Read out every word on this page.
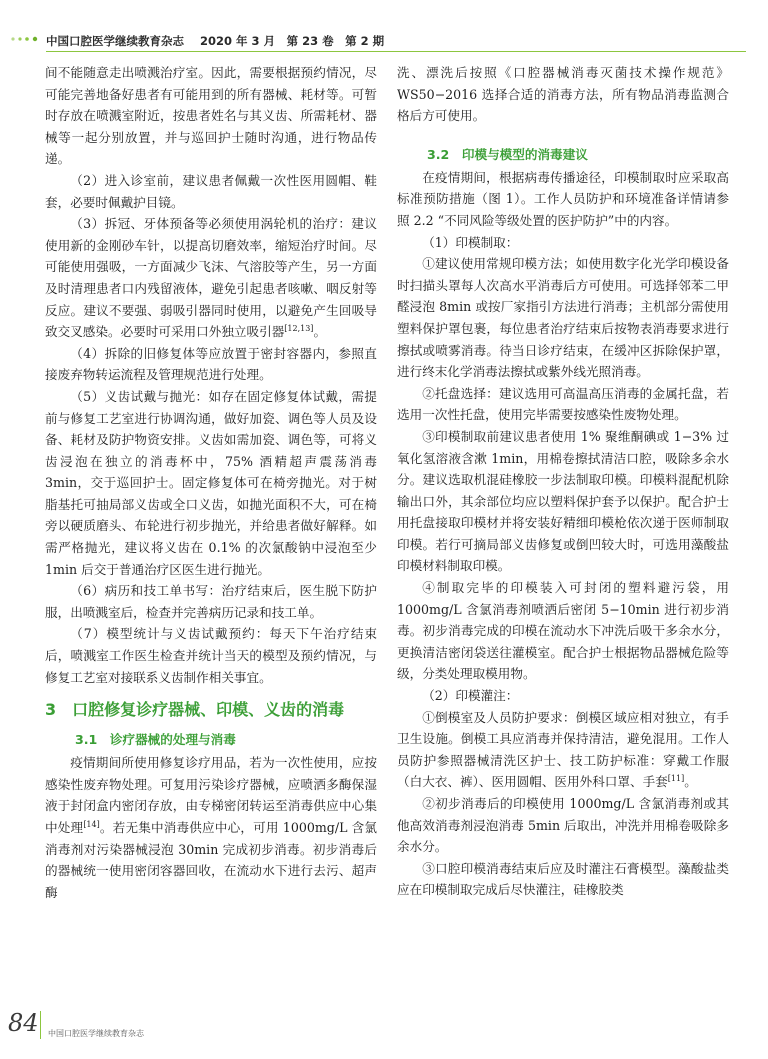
中国口腔医学继续教育杂志 2020 年 3 月　第 23 卷　第 2 期

间不能随意走出喷溅治疗室。因此，需要根据预约情况，尽可能完善地备好患者有可能用到的所有器械、耗材等。可暂时存放在喷溅室附近，按患者姓名与其义齿、所需耗材、器械等一起分别放置，并与巡回护士随时沟通，进行物品传递。

（2）进入诊室前，建议患者佩戴一次性医用圆帽、鞋套，必要时佩戴护目镜。

（3）拆冠、牙体预备等必须使用涡轮机的治疗：建议使用新的金刚砂车针，以提高切磨效率，缩短治疗时间。尽可能使用强吸，一方面减少飞沫、气溶胶等产生，另一方面及时清理患者口内残留液体，避免引起患者咳嗽、咽反射等反应。建议不要强、弱吸引器同时使用，以避免产生回吸导致交叉感染。必要时可采用口外独立吸引器[12,13]。

（4）拆除的旧修复体等应放置于密封容器内，参照直接废弃物转运流程及管理规范进行处理。

（5）义齿试戴与抛光：如存在固定修复体试戴，需提前与修复工艺室进行协调沟通，做好加瓷、调色等人员及设备、耗材及防护物资安排。义齿如需加瓷、调色等，可将义齿浸泡在独立的消毒杯中，75% 酒精超声震荡消毒 3min，交于巡回护士。固定修复体可在椅旁抛光。对于树脂基托可抽局部义齿或全口义齿，如抛光面积不大，可在椅旁以硬质磨头、布轮进行初步抛光，并给患者做好解释。如需严格抛光，建议将义齿在 0.1% 的次氯酸钠中浸泡至少 1min 后交于普通治疗区医生进行抛光。

（6）病历和技工单书写：治疗结束后，医生脱下防护服，出喷溅室后，检查并完善病历记录和技工单。

（7）模型统计与义齿试戴预约：每天下午治疗结束后，喷溅室工作医生检查并统计当天的模型及预约情况，与修复工艺室对接联系义齿制作相关事宜。

3　口腔修复诊疗器械、印模、义齿的消毒
3.1　诊疗器械的处理与消毒

疫情期间所使用修复诊疗用品，若为一次性使用，应按感染性废弃物处理。可复用污染诊疗器械，应喷洒多酶保湿液于封闭盒内密闭存放，由专梯密闭转运至消毒供应中心集中处理[14]。若无集中消毒供应中心，可用 1000mg/L 含氯消毒剂对污染器械浸泡 30min 完成初步消毒。初步消毒后的器械统一使用密闭容器回收，在流动水下进行去污、超声酶

洗、漂洗后按照《口腔器械消毒灭菌技术操作规范》WS50−2016 选择合适的消毒方法，所有物品消毒监测合格后方可使用。

3.2　印模与模型的消毒建议

在疫情期间，根据病毒传播途径，印模制取时应采取高标准预防措施（图 1）。工作人员防护和环境准备详情请参照 2.2 “不同风险等级处置的医护防护”中的内容。

（1）印模制取：

①建议使用常规印模方法；如使用数字化光学印模设备时扫描头罩每人次高水平消毒后方可使用。可选择邻苯二甲醛浸泡 8min 或按厂家指引方法进行消毒；主机部分需使用塑料保护罩包裹，每位患者治疗结束后按物表消毒要求进行擦拭或喷雾消毒。待当日诊疗结束，在缓冲区拆除保护罩，进行终末化学消毒法擦拭或紫外线光照消毒。

②托盘选择：建议选用可高温高压消毒的金属托盘，若选用一次性托盘，使用完毕需要按感染性废物处理。

③印模制取前建议患者使用 1% 聚维酮碘或 1−3% 过氧化氢溶液含漱 1min，用棉卷擦拭清洁口腔，吸除多余水分。建议选取机混硅橡胶一步法制取印模。印模料混配机除输出口外，其余部位均应以塑料保护套予以保护。配合护士用托盘接取印模材并将安装好精细印模枪依次递于医师制取印模。若行可摘局部义齿修复或倒凹较大时，可选用藻酸盐印模材料制取印模。

④制取完毕的印模装入可封闭的塑料避污袋，用 1000mg/L 含氯消毒剂喷洒后密闭 5−10min 进行初步消毒。初步消毒完成的印模在流动水下冲洗后吸干多余水分，更换清洁密闭袋送往灌模室。配合护士根据物品器械危险等级，分类处理取模用物。

（2）印模灌注：

①倒模室及人员防护要求：倒模区域应相对独立，有手卫生设施。倒模工具应消毒并保持清洁，避免混用。工作人员防护参照器械清洗区护士、技工防护标准：穿戴工作服（白大衣、裤）、医用圆帽、医用外科口罩、手套[11]。

②初步消毒后的印模使用 1000mg/L 含氯消毒剂或其他高效消毒剂浸泡消毒 5min 后取出，冲洗并用棉卷吸除多余水分。

③口腔印模消毒结束后应及时灌注石膏模型。藻酸盐类应在印模制取完成后尽快灌注，硅橡胶类

84 中国口腔医学继续教育杂志
